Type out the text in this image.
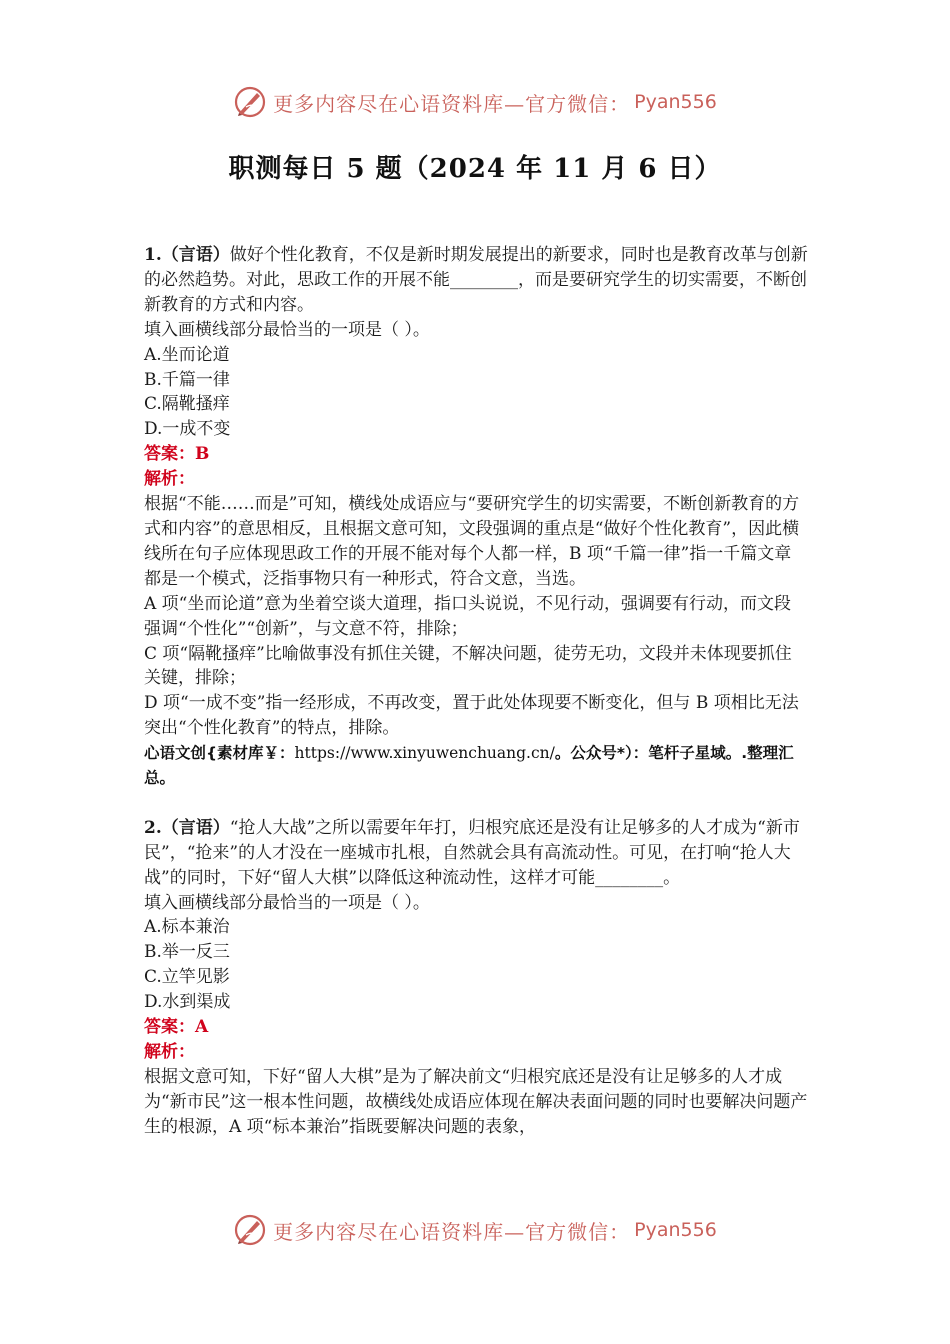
更多内容尽在心语资料库—官方微信： Pyan556
职测每日 5 题（2024 年 11 月 6 日）

1.（言语）做好个性化教育，不仅是新时期发展提出的新要求，同时也是教育改革与创新的必然趋势。对此，思政工作的开展不能________，而是要研究学生的切实需要，不断创新教育的方式和内容。

填入画横线部分最恰当的一项是（ ）。

A.坐而论道

B.千篇一律

C.隔靴搔痒

D.一成不变

答案：B

解析：

根据“不能……而是”可知，横线处成语应与“要研究学生的切实需要，不断创新教育的方式和内容”的意思相反，且根据文意可知，文段强调的重点是“做好个性化教育”，因此横线所在句子应体现思政工作的开展不能对每个人都一样，B 项“千篇一律”指一千篇文章都是一个模式，泛指事物只有一种形式，符合文意，当选。

A 项“坐而论道”意为坐着空谈大道理，指口头说说，不见行动，强调要有行动，而文段强调“个性化”“创新”，与文意不符，排除；

C 项“隔靴搔痒”比喻做事没有抓住关键，不解决问题，徒劳无功，文段并未体现要抓住关键，排除；

D 项“一成不变”指一经形成，不再改变，置于此处体现要不断变化，但与 B 项相比无法突出“个性化教育”的特点，排除。

心语文创{素材库￥：https://www.xinyuwenchuang.cn/。公众号*）：笔杆子星域。.整理汇总。

2.（言语）“抢人大战”之所以需要年年打，归根究底还是没有让足够多的人才成为“新市民”，“抢来”的人才没在一座城市扎根，自然就会具有高流动性。可见，在打响“抢人大战”的同时，下好“留人大棋”以降低这种流动性，这样才可能________。

填入画横线部分最恰当的一项是（ ）。

A.标本兼治

B.举一反三

C.立竿见影

D.水到渠成

答案：A

解析：

根据文意可知，下好“留人大棋”是为了解决前文“归根究底还是没有让足够多的人才成为“新市民”这一根本性问题，故横线处成语应体现在解决表面问题的同时也要解决问题产生的根源，A 项“标本兼治”指既要解决问题的表象，

更多内容尽在心语资料库—官方微信： Pyan556
